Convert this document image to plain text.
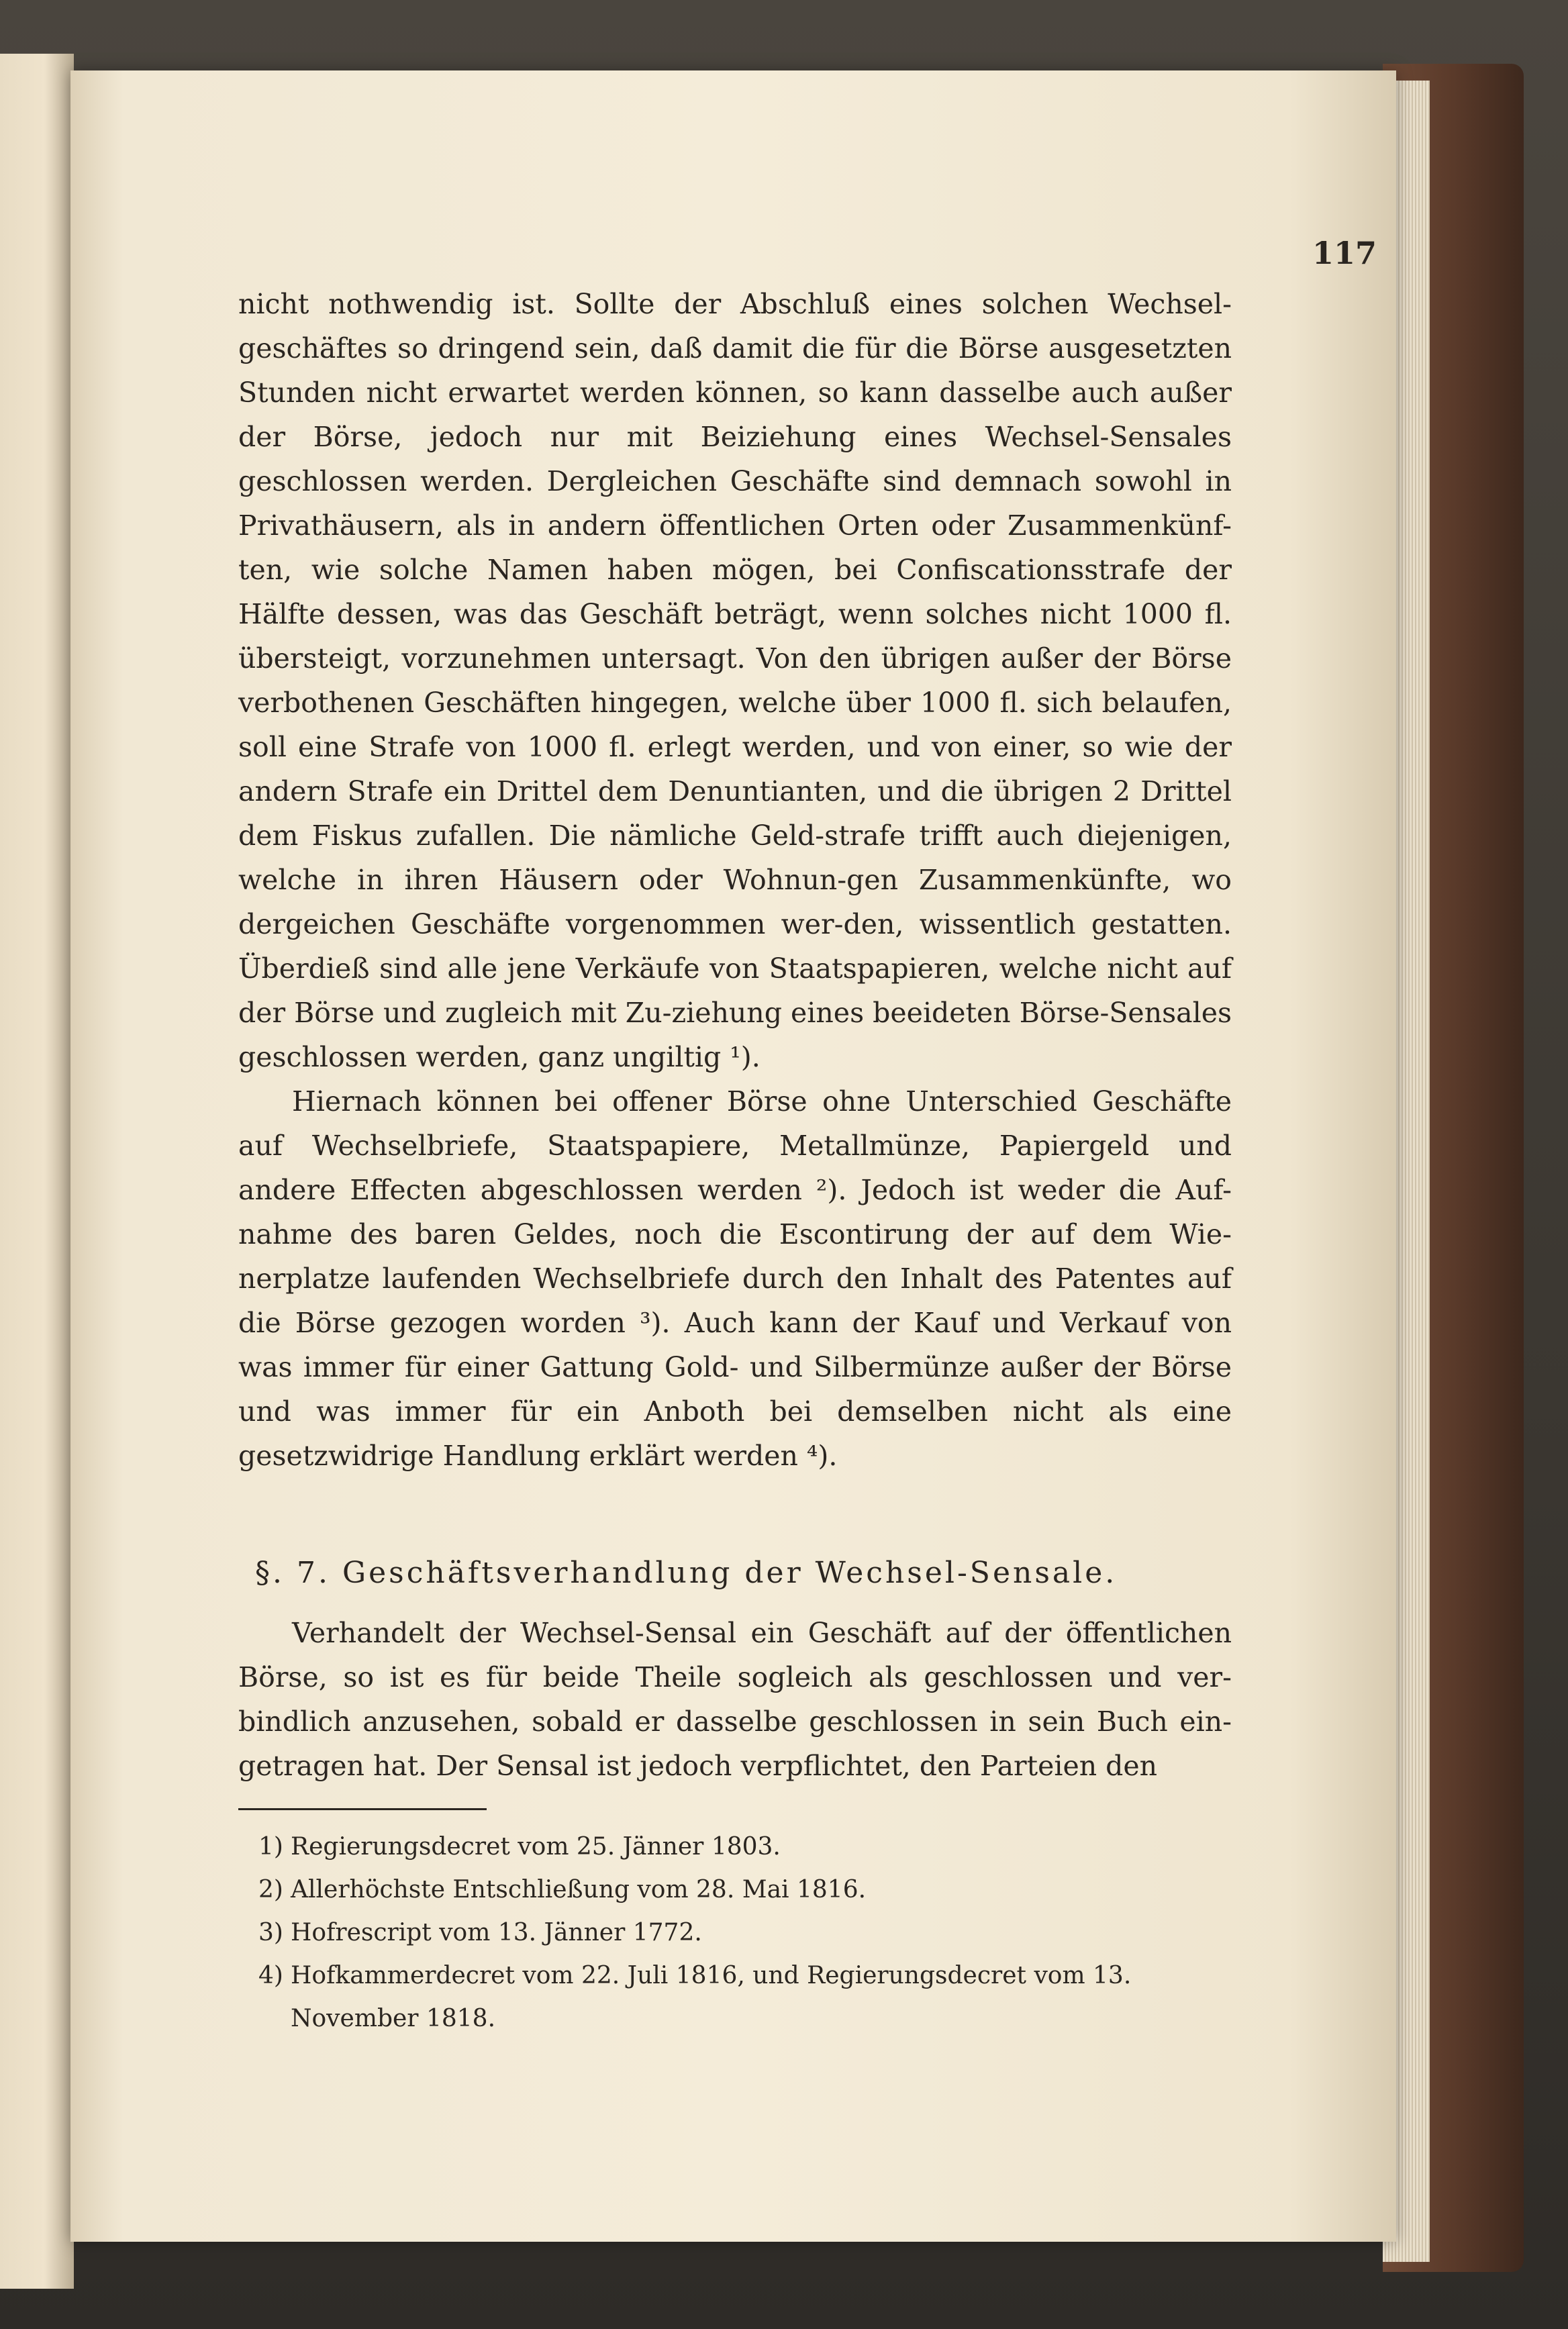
117

nicht nothwendig ist. Sollte der Abschluß eines solchen Wechsel-geschäftes so dringend sein, daß damit die für die Börse ausgesetzten Stunden nicht erwartet werden können, so kann dasselbe auch außer der Börse, jedoch nur mit Beiziehung eines Wechsel-Sensales geschlossen werden. Dergleichen Geschäfte sind demnach sowohl in Privathäusern, als in andern öffentlichen Orten oder Zusammenkünf-ten, wie solche Namen haben mögen, bei Confiscationsstrafe der Hälfte dessen, was das Geschäft beträgt, wenn solches nicht 1000 fl. übersteigt, vorzunehmen untersagt. Von den übrigen außer der Börse verbothenen Geschäften hingegen, welche über 1000 fl. sich belaufen, soll eine Strafe von 1000 fl. erlegt werden, und von einer, so wie der andern Strafe ein Drittel dem Denuntianten, und die übrigen 2 Drittel dem Fiskus zufallen. Die nämliche Geld-strafe trifft auch diejenigen, welche in ihren Häusern oder Wohnun-gen Zusammenkünfte, wo dergeichen Geschäfte vorgenommen wer-den, wissentlich gestatten. Überdieß sind alle jene Verkäufe von Staatspapieren, welche nicht auf der Börse und zugleich mit Zu-ziehung eines beeideten Börse-Sensales geschlossen werden, ganz ungiltig ¹).

Hiernach können bei offener Börse ohne Unterschied Geschäfte auf Wechselbriefe, Staatspapiere, Metallmünze, Papiergeld und andere Effecten abgeschlossen werden ²). Jedoch ist weder die Auf-nahme des baren Geldes, noch die Escontirung der auf dem Wie-nerplatze laufenden Wechselbriefe durch den Inhalt des Patentes auf die Börse gezogen worden ³). Auch kann der Kauf und Verkauf von was immer für einer Gattung Gold- und Silbermünze außer der Börse und was immer für ein Anboth bei demselben nicht als eine gesetzwidrige Handlung erklärt werden ⁴).

§. 7. Geschäftsverhandlung der Wechsel-Sensale.

Verhandelt der Wechsel-Sensal ein Geschäft auf der öffentlichen Börse, so ist es für beide Theile sogleich als geschlossen und ver-bindlich anzusehen, sobald er dasselbe geschlossen in sein Buch ein-getragen hat. Der Sensal ist jedoch verpflichtet, den Parteien den

1) Regierungsdecret vom 25. Jänner 1803.
2) Allerhöchste Entschließung vom 28. Mai 1816.
3) Hofrescript vom 13. Jänner 1772.
4) Hofkammerdecret vom 22. Juli 1816, und Regierungsdecret vom 13. November 1818.
